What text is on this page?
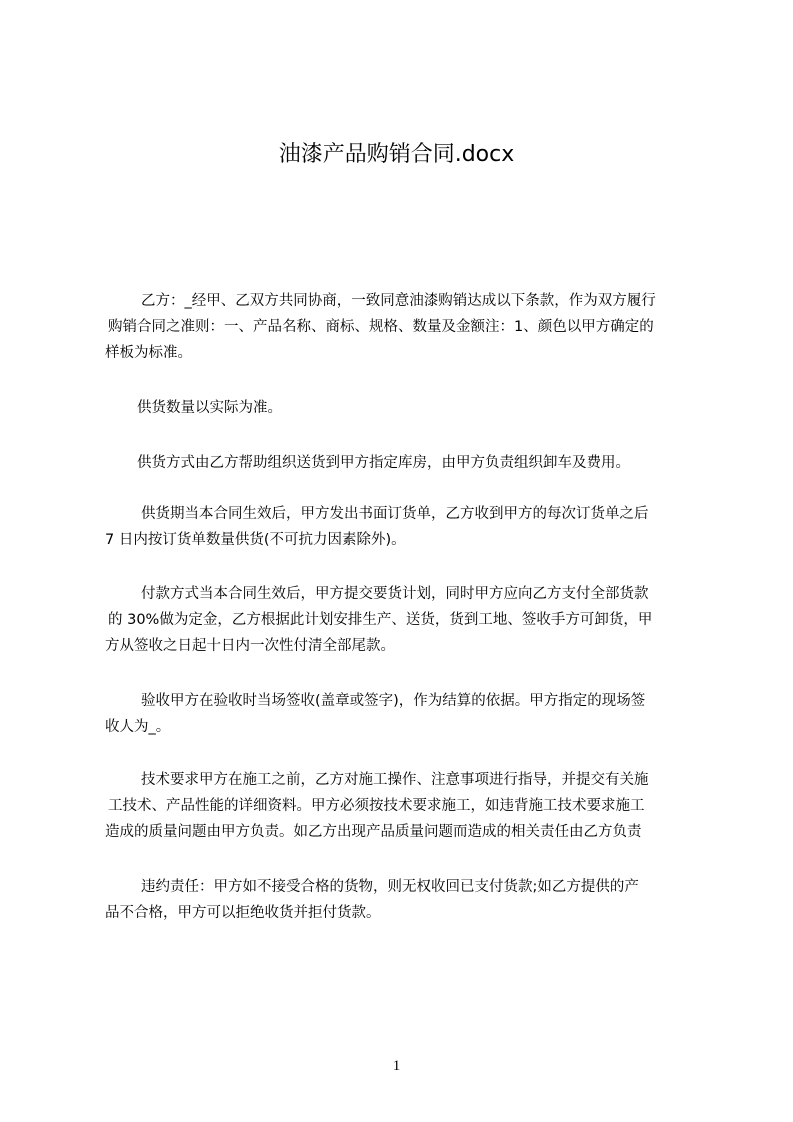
油漆产品购销合同.docx
乙方：_经甲、乙双方共同协商，一致同意油漆购销达成以下条款，作为双方履行
购销合同之准则：一、产品名称、商标、规格、数量及金额注：1、颜色以甲方确定的
样板为标准。
供货数量以实际为准。
供货方式由乙方帮助组织送货到甲方指定库房，由甲方负责组织卸车及费用。
供货期当本合同生效后，甲方发出书面订货单，乙方收到甲方的每次订货单之后
7 日内按订货单数量供货(不可抗力因素除外)。
付款方式当本合同生效后，甲方提交要货计划，同时甲方应向乙方支付全部货款
的 30%做为定金，乙方根据此计划安排生产、送货，货到工地、签收手方可卸货，甲
方从签收之日起十日内一次性付清全部尾款。
验收甲方在验收时当场签收(盖章或签字)，作为结算的依据。甲方指定的现场签
收人为_。
技术要求甲方在施工之前，乙方对施工操作、注意事项进行指导，并提交有关施
工技术、产品性能的详细资料。甲方必须按技术要求施工，如违背施工技术要求施工
造成的质量问题由甲方负责。如乙方出现产品质量问题而造成的相关责任由乙方负责
违约责任：甲方如不接受合格的货物，则无权收回已支付货款;如乙方提供的产
品不合格，甲方可以拒绝收货并拒付货款。
1
